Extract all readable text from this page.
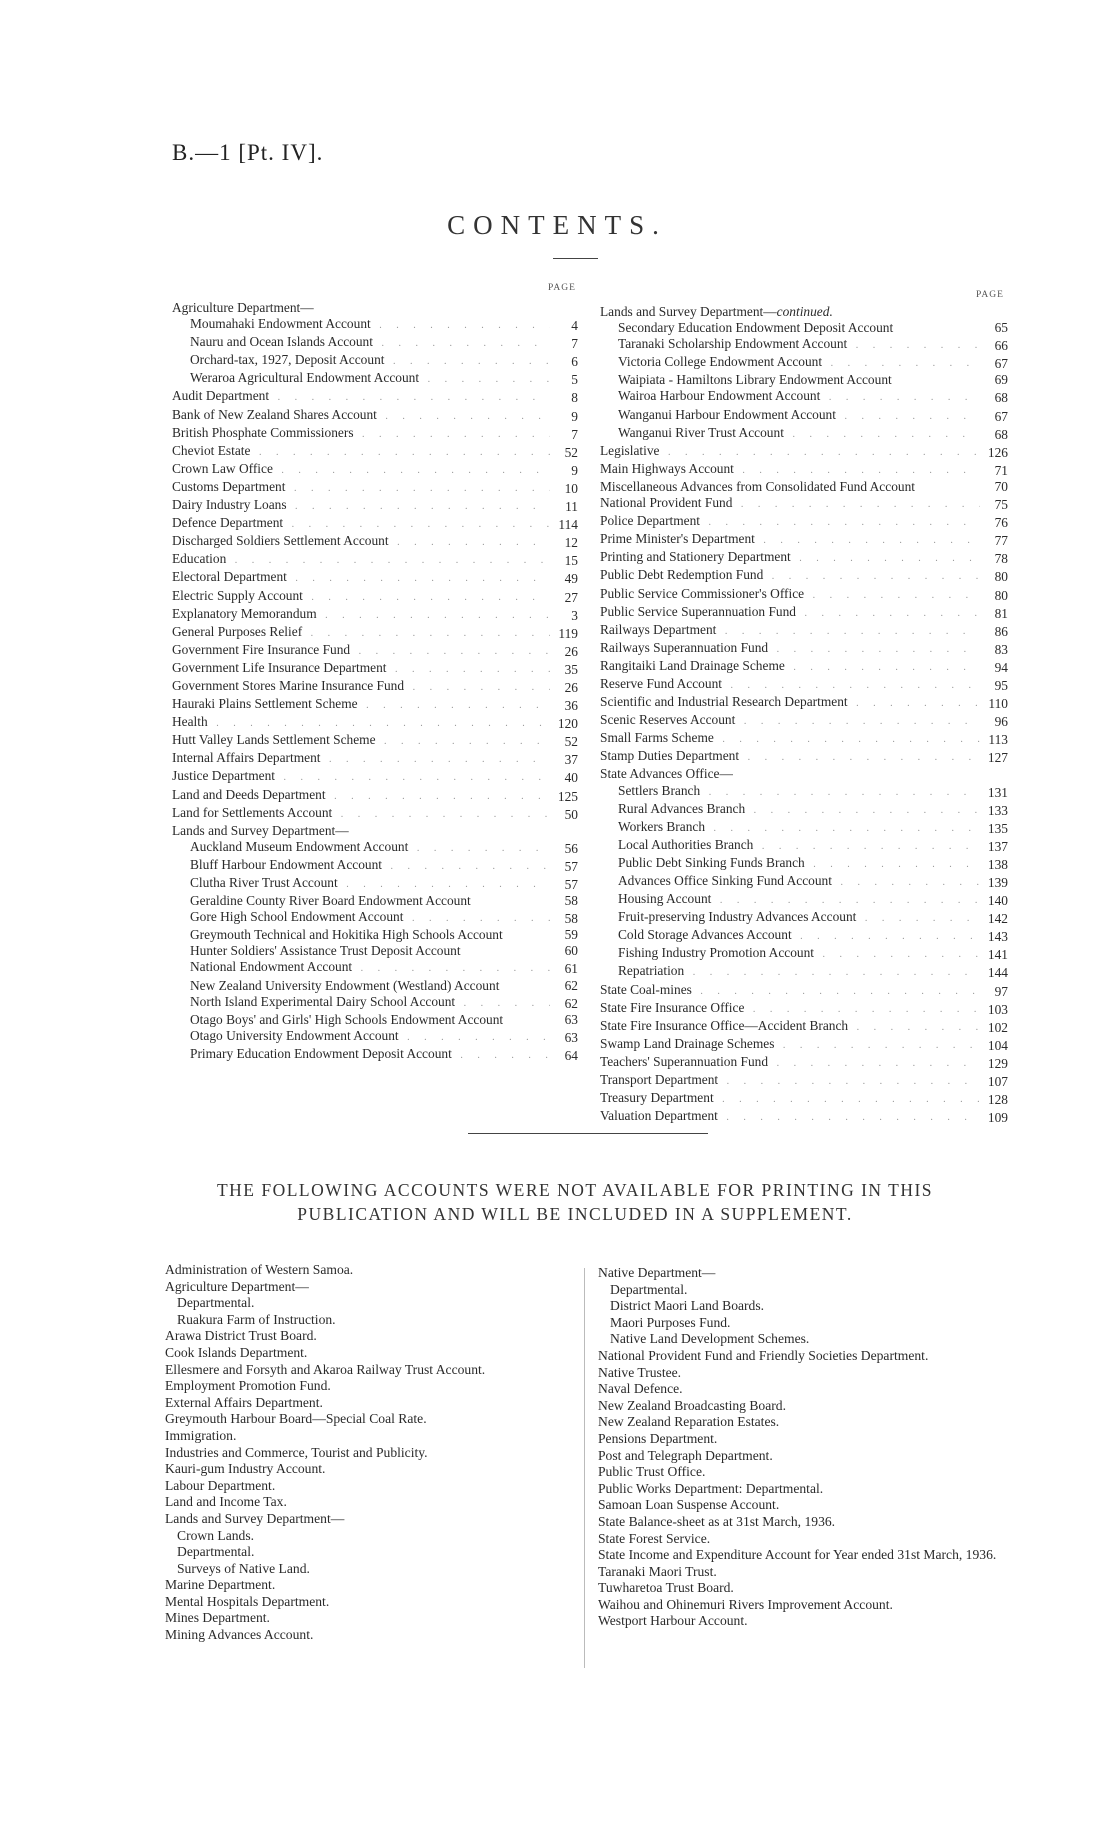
B.—1 [Pt. IV].
CONTENTS.
PAGE
PAGE
Agriculture Department—
Moumahaki Endowment Account . . .	4
Nauru and Ocean Islands Account . . .	7
Orchard-tax, 1927, Deposit Account . . .	6
Weraroa Agricultural Endowment Account . . .	5
Audit Department . . .	8
Bank of New Zealand Shares Account . . .	9
British Phosphate Commissioners . . .	7
Cheviot Estate . . .	52
Crown Law Office . . .	9
Customs Department . . .	10
Dairy Industry Loans . . .	11
Defence Department . . .	114
Discharged Soldiers Settlement Account . . .	12
Education . . .	15
Electoral Department . . .	49
Electric Supply Account . . .	27
Explanatory Memorandum . . .	3
General Purposes Relief . . .	119
Government Fire Insurance Fund . . .	26
Government Life Insurance Department . . .	35
Government Stores Marine Insurance Fund . . .	26
Hauraki Plains Settlement Scheme . . .	36
Health . . .	120
Hutt Valley Lands Settlement Scheme . . .	52
Internal Affairs Department . . .	37
Justice Department . . .	40
Land and Deeds Department . . .	125
Land for Settlements Account . . .	50
Lands and Survey Department—
Auckland Museum Endowment Account . . .	56
Bluff Harbour Endowment Account . . .	57
Clutha River Trust Account . . .	57
Geraldine County River Board Endowment Account	58
Gore High School Endowment Account . . .	58
Greymouth Technical and Hokitika High Schools Account	59
Hunter Soldiers' Assistance Trust Deposit Account	60
National Endowment Account . . .	61
New Zealand University Endowment (Westland) Account	62
North Island Experimental Dairy School Account . . .	62
Otago Boys' and Girls' High Schools Endowment Account	63
Otago University Endowment Account . . .	63
Primary Education Endowment Deposit Account . . .	64
Lands and Survey Department—continued.
Secondary Education Endowment Deposit Account	65
Taranaki Scholarship Endowment Account . . .	66
Victoria College Endowment Account . . .	67
Waipiata - Hamiltons Library Endowment Account	69
Wairoa Harbour Endowment Account . . .	68
Wanganui Harbour Endowment Account . . .	67
Wanganui River Trust Account . . .	68
Legislative . . .	126
Main Highways Account . . .	71
Miscellaneous Advances from Consolidated Fund Account	70
National Provident Fund . . .	75
Police Department . . .	76
Prime Minister's Department . . .	77
Printing and Stationery Department . . .	78
Public Debt Redemption Fund . . .	80
Public Service Commissioner's Office . . .	80
Public Service Superannuation Fund . . .	81
Railways Department . . .	86
Railways Superannuation Fund . . .	83
Rangitaiki Land Drainage Scheme . . .	94
Reserve Fund Account . . .	95
Scientific and Industrial Research Department . . .	110
Scenic Reserves Account . . .	96
Small Farms Scheme . . .	113
Stamp Duties Department . . .	127
State Advances Office—
Settlers Branch . . .	131
Rural Advances Branch . . .	133
Workers Branch . . .	135
Local Authorities Branch . . .	137
Public Debt Sinking Funds Branch . . .	138
Advances Office Sinking Fund Account . . .	139
Housing Account . . .	140
Fruit-preserving Industry Advances Account . . .	142
Cold Storage Advances Account . . .	143
Fishing Industry Promotion Account . . .	141
Repatriation . . .	144
State Coal-mines . . .	97
State Fire Insurance Office . . .	103
State Fire Insurance Office—Accident Branch . . .	102
Swamp Land Drainage Schemes . . .	104
Teachers' Superannuation Fund . . .	129
Transport Department . . .	107
Treasury Department . . .	128
Valuation Department . . .	109
THE FOLLOWING ACCOUNTS WERE NOT AVAILABLE FOR PRINTING IN THIS
PUBLICATION AND WILL BE INCLUDED IN A SUPPLEMENT.
Administration of Western Samoa.
Agriculture Department—
Departmental.
Ruakura Farm of Instruction.
Arawa District Trust Board.
Cook Islands Department.
Ellesmere and Forsyth and Akaroa Railway Trust Account.
Employment Promotion Fund.
External Affairs Department.
Greymouth Harbour Board—Special Coal Rate.
Immigration.
Industries and Commerce, Tourist and Publicity.
Kauri-gum Industry Account.
Labour Department.
Land and Income Tax.
Lands and Survey Department—
Crown Lands.
Departmental.
Surveys of Native Land.
Marine Department.
Mental Hospitals Department.
Mines Department.
Mining Advances Account.
Native Department—
Departmental.
District Maori Land Boards.
Maori Purposes Fund.
Native Land Development Schemes.
National Provident Fund and Friendly Societies Department.
Native Trustee.
Naval Defence.
New Zealand Broadcasting Board.
New Zealand Reparation Estates.
Pensions Department.
Post and Telegraph Department.
Public Trust Office.
Public Works Department: Departmental.
Samoan Loan Suspense Account.
State Balance-sheet as at 31st March, 1936.
State Forest Service.
State Income and Expenditure Account for Year ended 31st March, 1936.
Taranaki Maori Trust.
Tuwharetoa Trust Board.
Waihou and Ohinemuri Rivers Improvement Account.
Westport Harbour Account.
